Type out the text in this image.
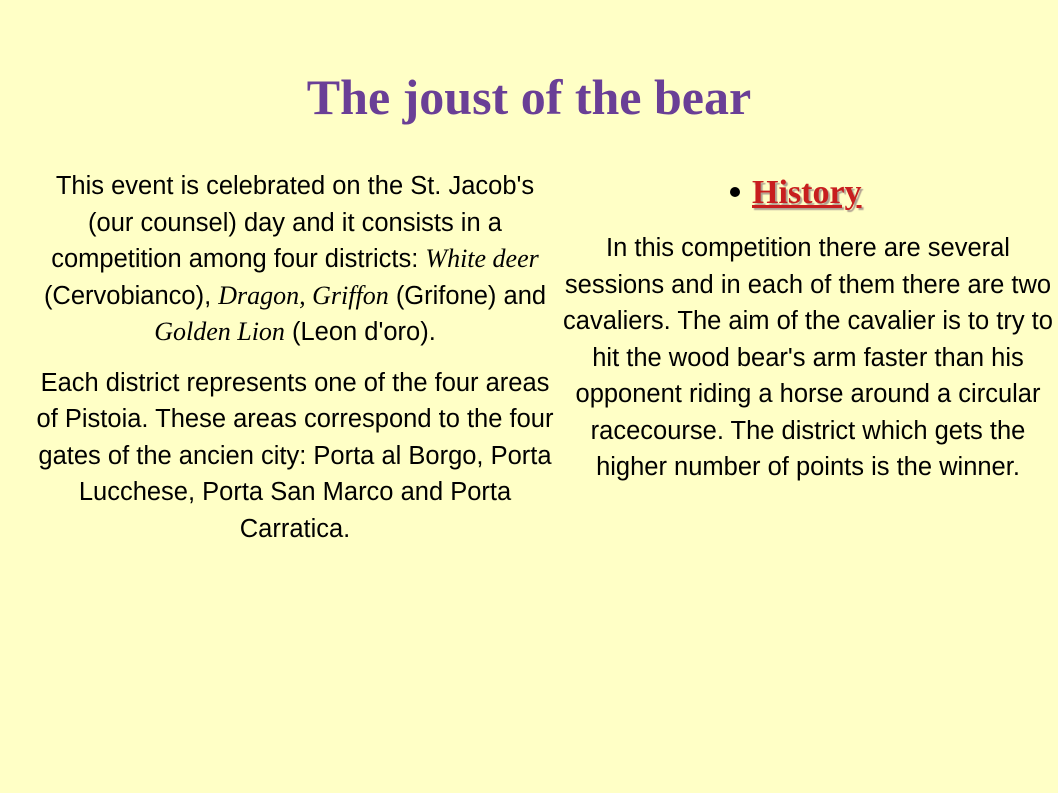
The joust of the bear

This event is celebrated on the St. Jacob's (our counsel) day and it consists in a competition among four districts: White deer (Cervobianco), Dragon, Griffon (Grifone) and Golden Lion (Leon d'oro).

Each district represents one of the four areas of Pistoia. These areas correspond to the four gates of the ancien city: Porta al Borgo, Porta Lucchese, Porta San Marco and Porta Carratica.

History

In this competition there are several sessions and in each of them there are two cavaliers. The aim of the cavalier is to try to hit the wood bear's arm faster than his opponent riding a horse around a circular racecourse. The district which gets the higher number of points is the winner.
